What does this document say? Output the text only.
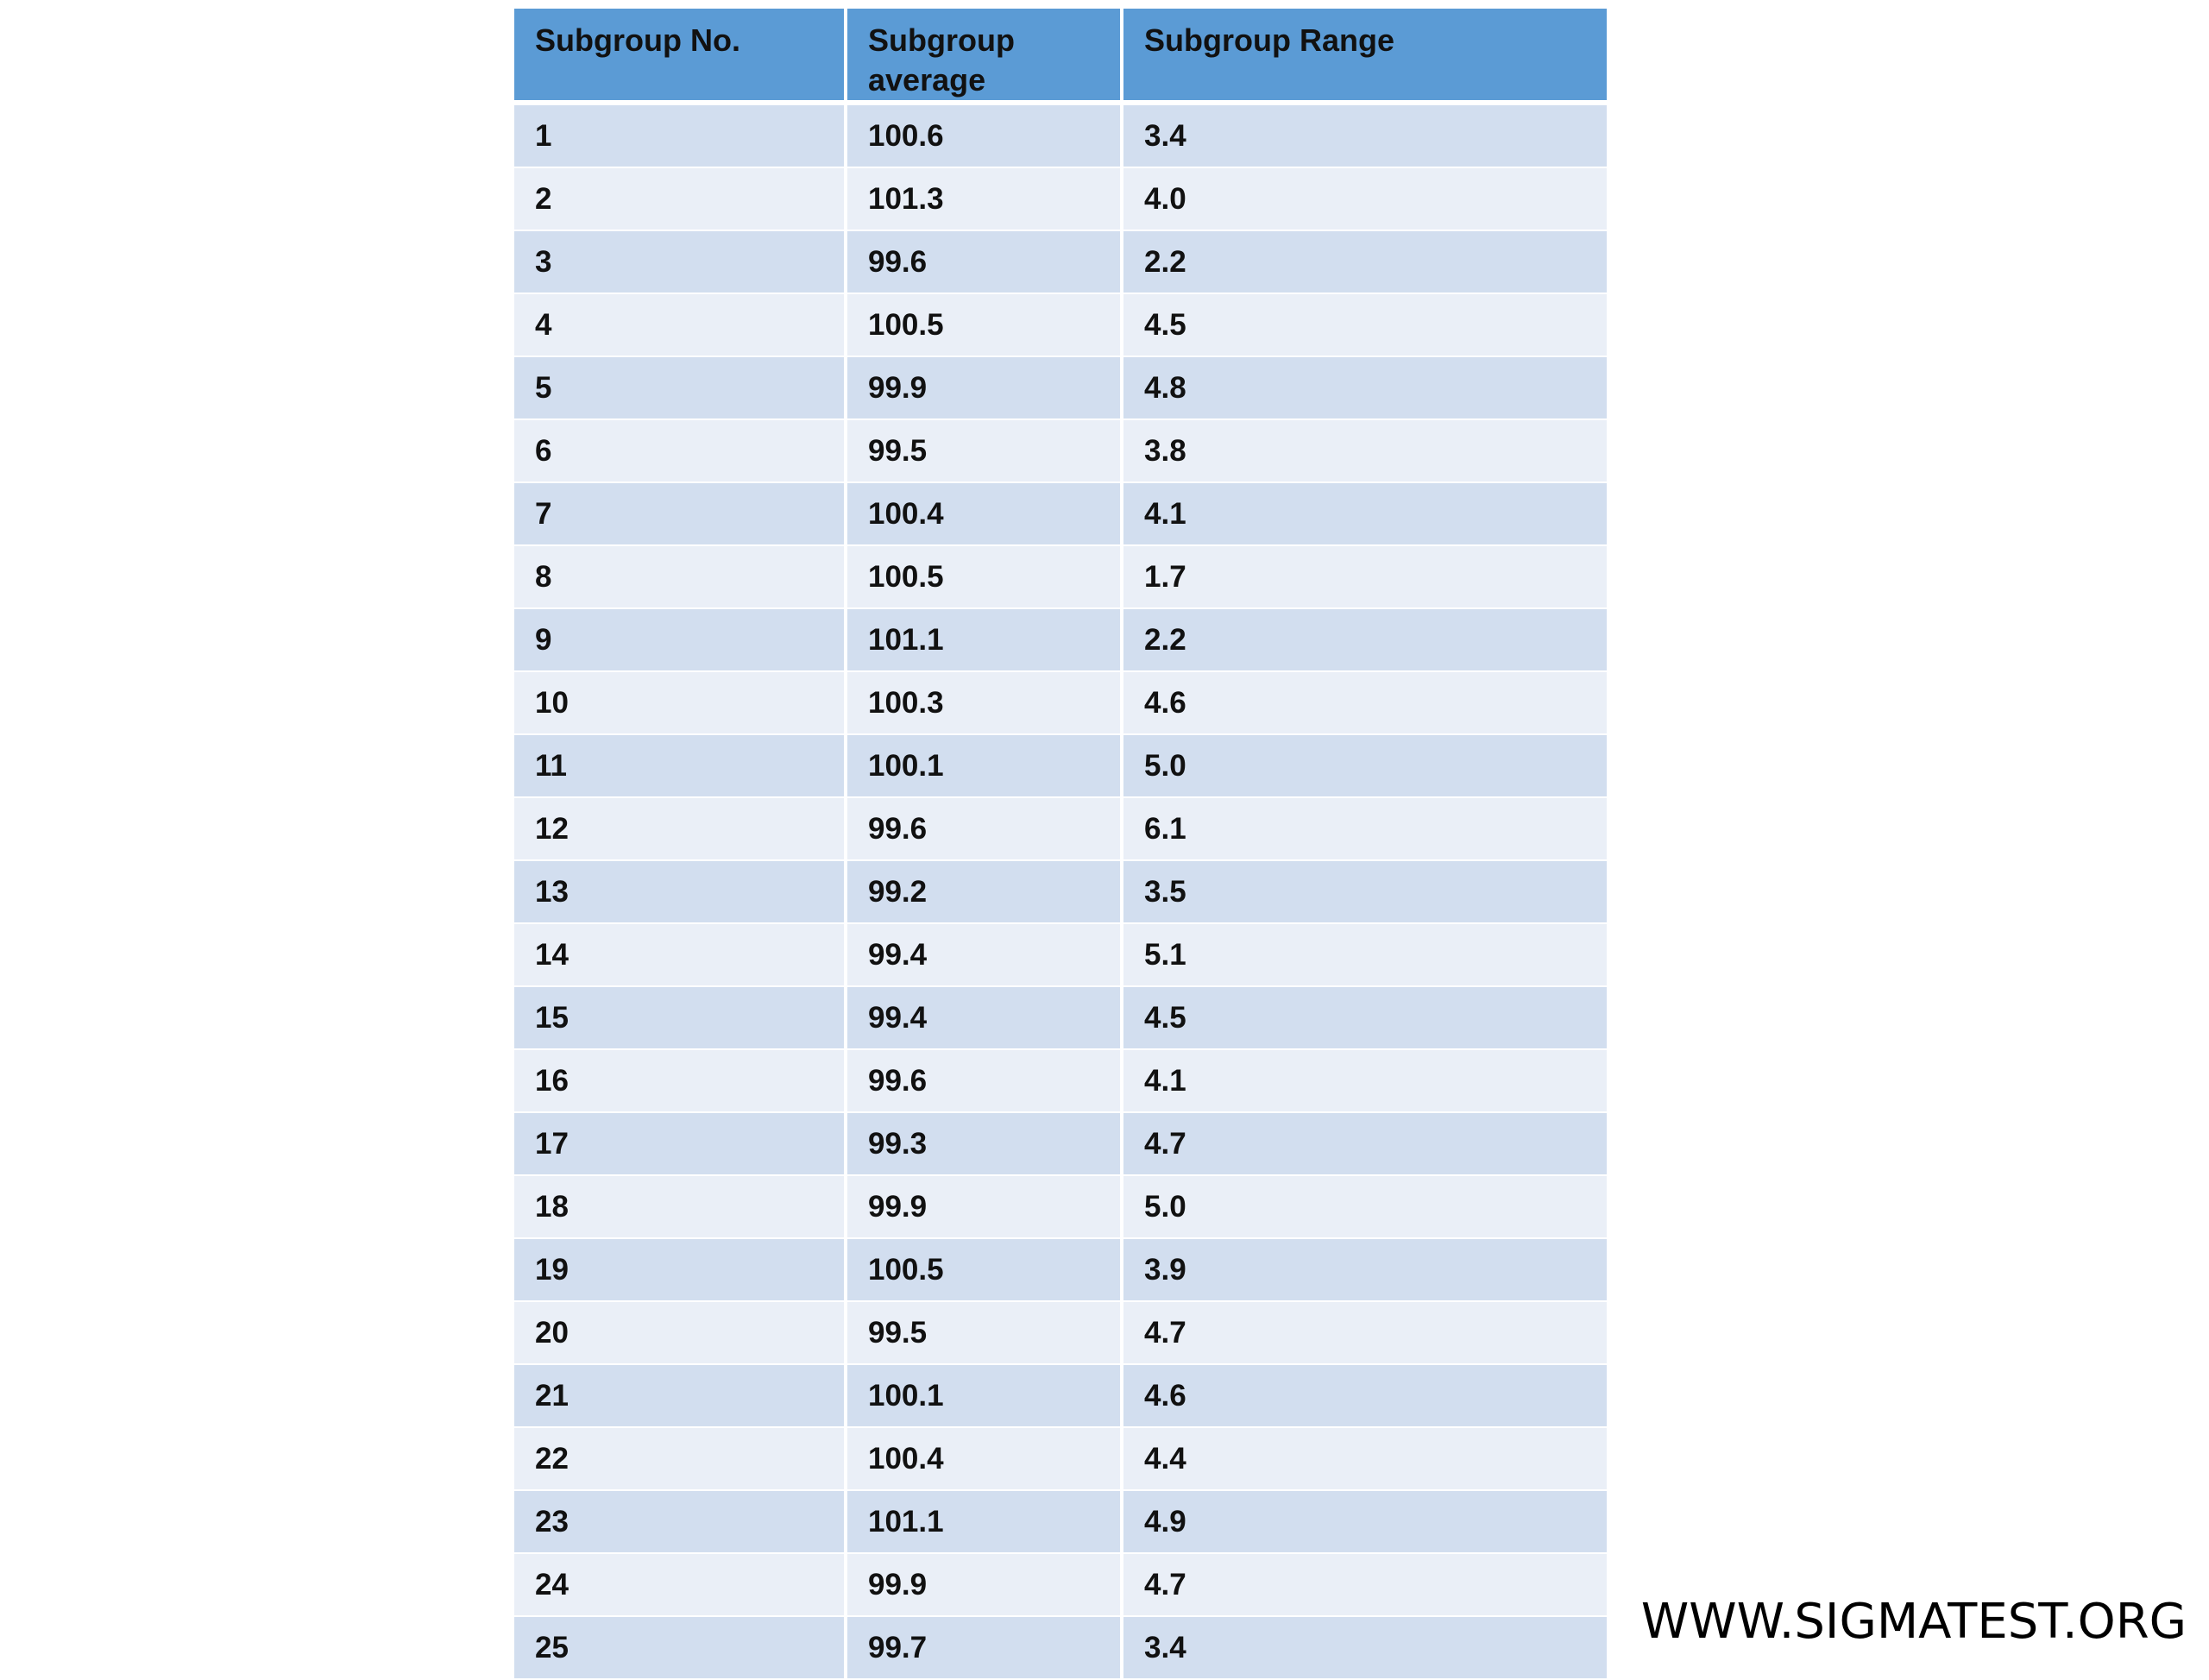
Subgroup No.	Subgroup average	Subgroup Range
1	100.6	3.4
2	101.3	4.0
3	99.6	2.2
4	100.5	4.5
5	99.9	4.8
6	99.5	3.8
7	100.4	4.1
8	100.5	1.7
9	101.1	2.2
10	100.3	4.6
11	100.1	5.0
12	99.6	6.1
13	99.2	3.5
14	99.4	5.1
15	99.4	4.5
16	99.6	4.1
17	99.3	4.7
18	99.9	5.0
19	100.5	3.9
20	99.5	4.7
21	100.1	4.6
22	100.4	4.4
23	101.1	4.9
24	99.9	4.7
25	99.7	3.4	WWW.SIGMATEST.ORG
